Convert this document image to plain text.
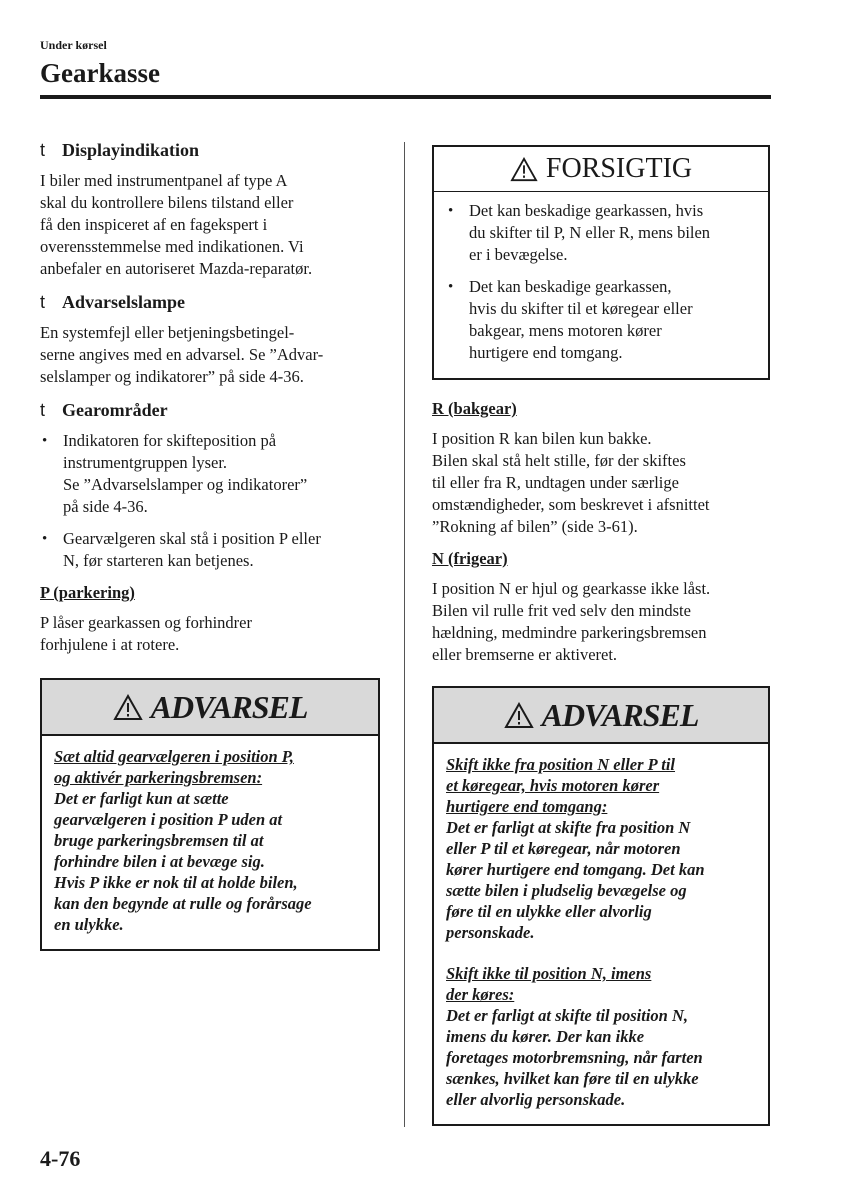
Under kørsel

Gearkasse
t Displayindikation

I biler med instrumentpanel af type A
skal du kontrollere bilens tilstand eller
få den inspiceret af en fagekspert i
overensstemmelse med indikationen. Vi
anbefaler en autoriseret Mazda-reparatør.

t Advarselslampe

En systemfejl eller betjeningsbetingel-
serne angives med en advarsel. Se ”Advar-
selslamper og indikatorer” på side 4-36.

t Gearområder
• Indikatoren for skifteposition på
instrumentgruppen lyser.
Se ”Advarselslamper og indikatorer”
på side 4-36.
• Gearvælgeren skal stå i position P eller
N, før starteren kan betjenes.

P (parkering)

P låser gearkassen og forhindrer
forhjulene i at rotere.

ADVARSEL

Sæt altid gearvælgeren i position P,
og aktivér parkeringsbremsen:

Det er farligt kun at sætte
gearvælgeren i position P uden at
bruge parkeringsbremsen til at
forhindre bilen i at bevæge sig.
Hvis P ikke er nok til at holde bilen,
kan den begynde at rulle og forårsage
en ulykke.

FORSIGTIG
• Det kan beskadige gearkassen, hvis
du skifter til P, N eller R, mens bilen
er i bevægelse.
• Det kan beskadige gearkassen,
hvis du skifter til et køregear eller
bakgear, mens motoren kører
hurtigere end tomgang.

R (bakgear)

I position R kan bilen kun bakke.
Bilen skal stå helt stille, før der skiftes
til eller fra R, undtagen under særlige
omstændigheder, som beskrevet i afsnittet
”Rokning af bilen” (side 3-61).

N (frigear)

I position N er hjul og gearkasse ikke låst.
Bilen vil rulle frit ved selv den mindste
hældning, medmindre parkeringsbremsen
eller bremserne er aktiveret.

ADVARSEL

Skift ikke fra position N eller P til
et køregear, hvis motoren kører
hurtigere end tomgang:

Det er farligt at skifte fra position N
eller P til et køregear, når motoren
kører hurtigere end tomgang. Det kan
sætte bilen i pludselig bevægelse og
føre til en ulykke eller alvorlig
personskade.

Skift ikke til position N, imens
der køres:

Det er farligt at skifte til position N,
imens du kører. Der kan ikke
foretages motorbremsning, når farten
sænkes, hvilket kan føre til en ulykke
eller alvorlig personskade.

4-76
